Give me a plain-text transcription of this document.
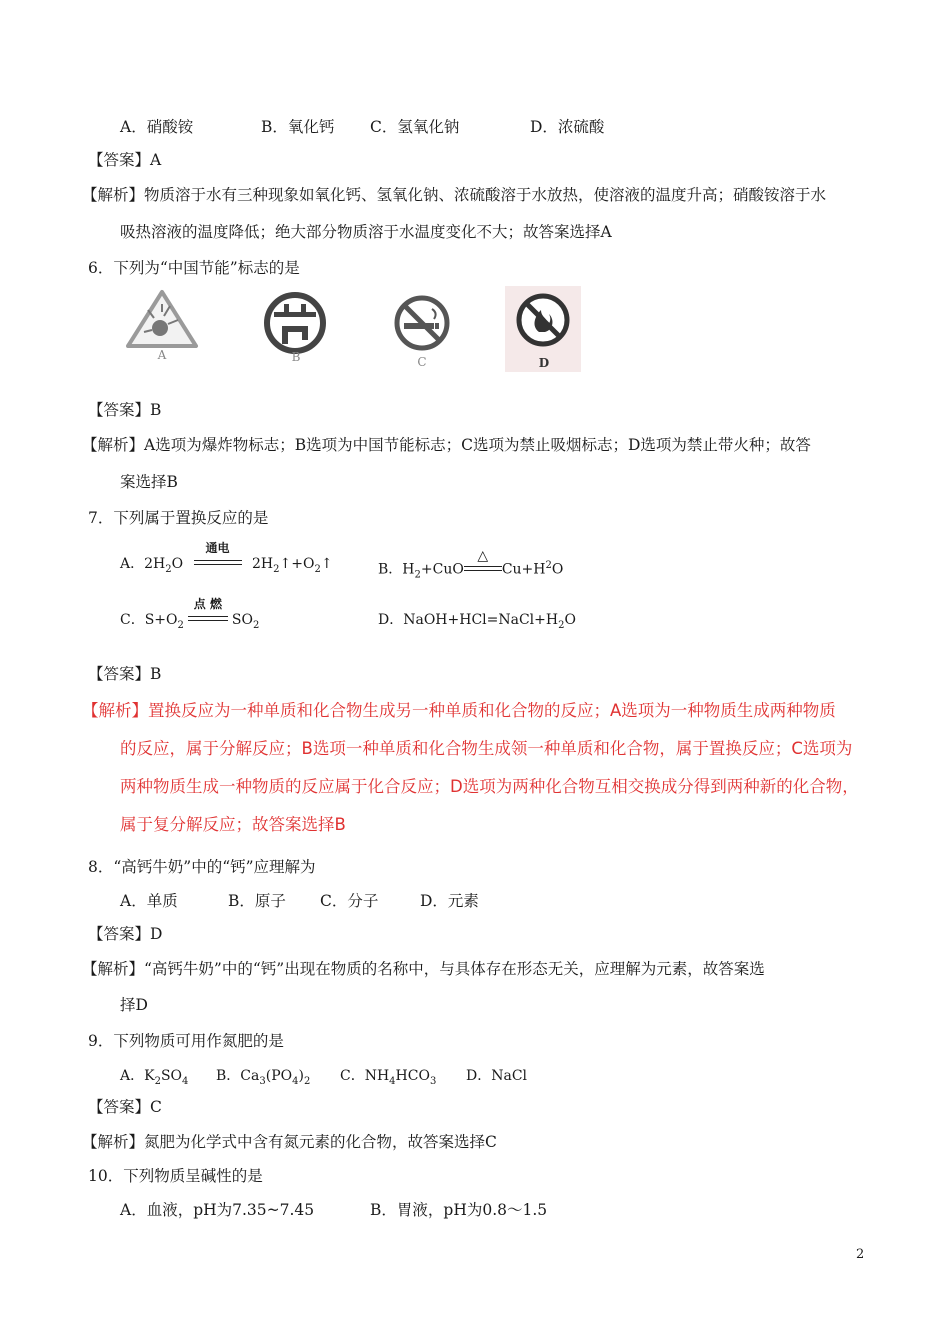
A．硝酸铵	B．氧化钙 C．氢氧化钠	D．浓硫酸
【答案】A
【解析】物质溶于水有三种现象如氧化钙、氢氧化钠、浓硫酸溶于水放热，使溶液的温度升高；硝酸铵溶于水
吸热溶液的温度降低；绝大部分物质溶于水温度变化不大；故答案选择A
6．下列为“中国节能”标志的是
A	B	C	D
【答案】B
【解析】A选项为爆炸物标志；B选项为中国节能标志；C选项为禁止吸烟标志；D选项为禁止带火种；故答
案选择B
7．下列属于置换反应的是
A．$2H_2O$
通电
$2H_2↑+O_2↑$	B．$H_2+CuO$
△
$Cu+H^2O$
C．$S+O_2$
点 燃
$SO_2$	D．$NaOH+HCl=NaCl+H_2O$
【答案】B
【解析】置换反应为一种单质和化合物生成另一种单质和化合物的反应；A选项为一种物质生成两种物质
的反应，属于分解反应；B选项一种单质和化合物生成领一种单质和化合物，属于置换反应；C选项为
两种物质生成一种物质的反应属于化合反应；D选项为两种化合物互相交换成分得到两种新的化合物，
属于复分解反应；故答案选择B
8．“高钙牛奶”中的“钙”应理解为
A．单质	B．原子 C．分子	D．元素
【答案】D
【解析】“高钙牛奶”中的“钙”出现在物质的名称中，与具体存在形态无关，应理解为元素，故答案选
择D
9．下列物质可用作氮肥的是
A．$K_2SO_4$ B．$Ca_3(PO_4)_2$ C．$NH_4HCO_3$ D．NaCl
【答案】C
【解析】氮肥为化学式中含有氮元素的化合物，故答案选择C
10．下列物质呈碱性的是
A．血液，pH为7.35~7.45	B．胃液，pH为0.8～1.5
2
